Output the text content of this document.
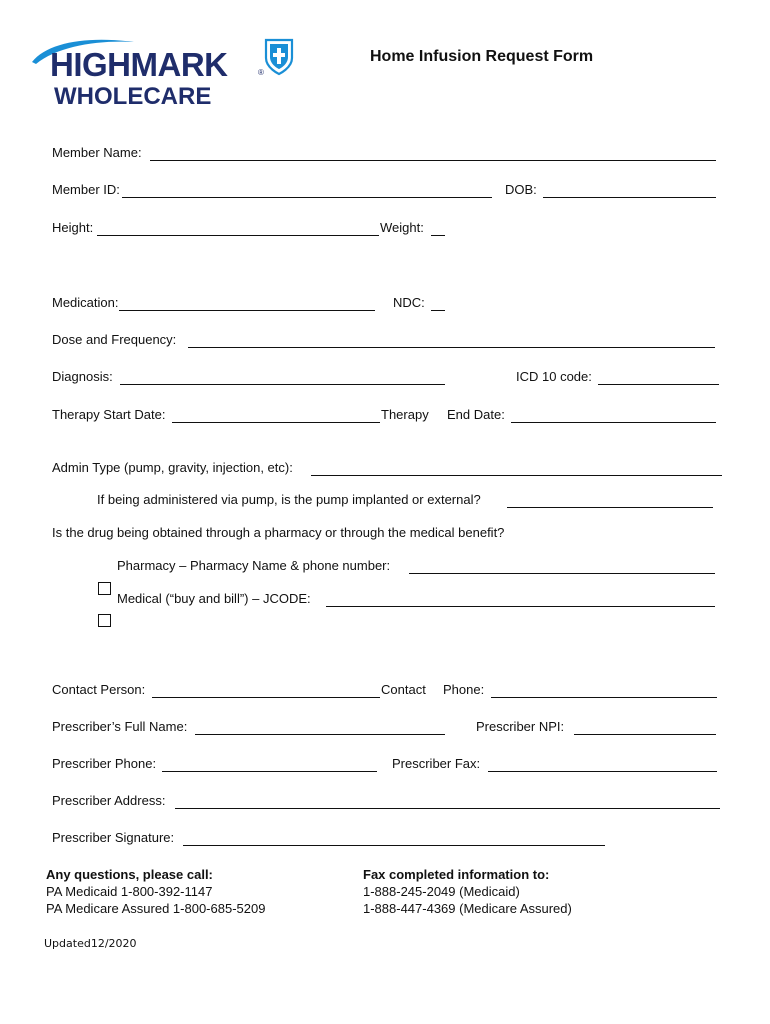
HIGHMARK	®
WHOLECARE
Home Infusion Request Form
Member Name:
Member ID:	DOB:
Height:	Weight:
Medication:	NDC:
Dose and Frequency:
Diagnosis:	ICD 10 code:
Therapy Start Date:	Therapy End Date:
Admin Type (pump, gravity, injection, etc):
If being administered via pump, is the pump implanted or external?
Is the drug being obtained through a pharmacy or through the medical benefit?
Pharmacy – Pharmacy Name & phone number:
Medical (“buy and bill”) – JCODE:
Contact Person:	Contact Phone:
Prescriber’s Full Name:	Prescriber NPI:
Prescriber Phone:	Prescriber Fax:
Prescriber Address:
Prescriber Signature:
Any questions, please call:
PA Medicaid 1-800-392-1147
PA Medicare Assured 1-800-685-5209
Fax completed information to:
1-888-245-2049 (Medicaid)
1-888-447-4369 (Medicare Assured)
Updated12/2020
